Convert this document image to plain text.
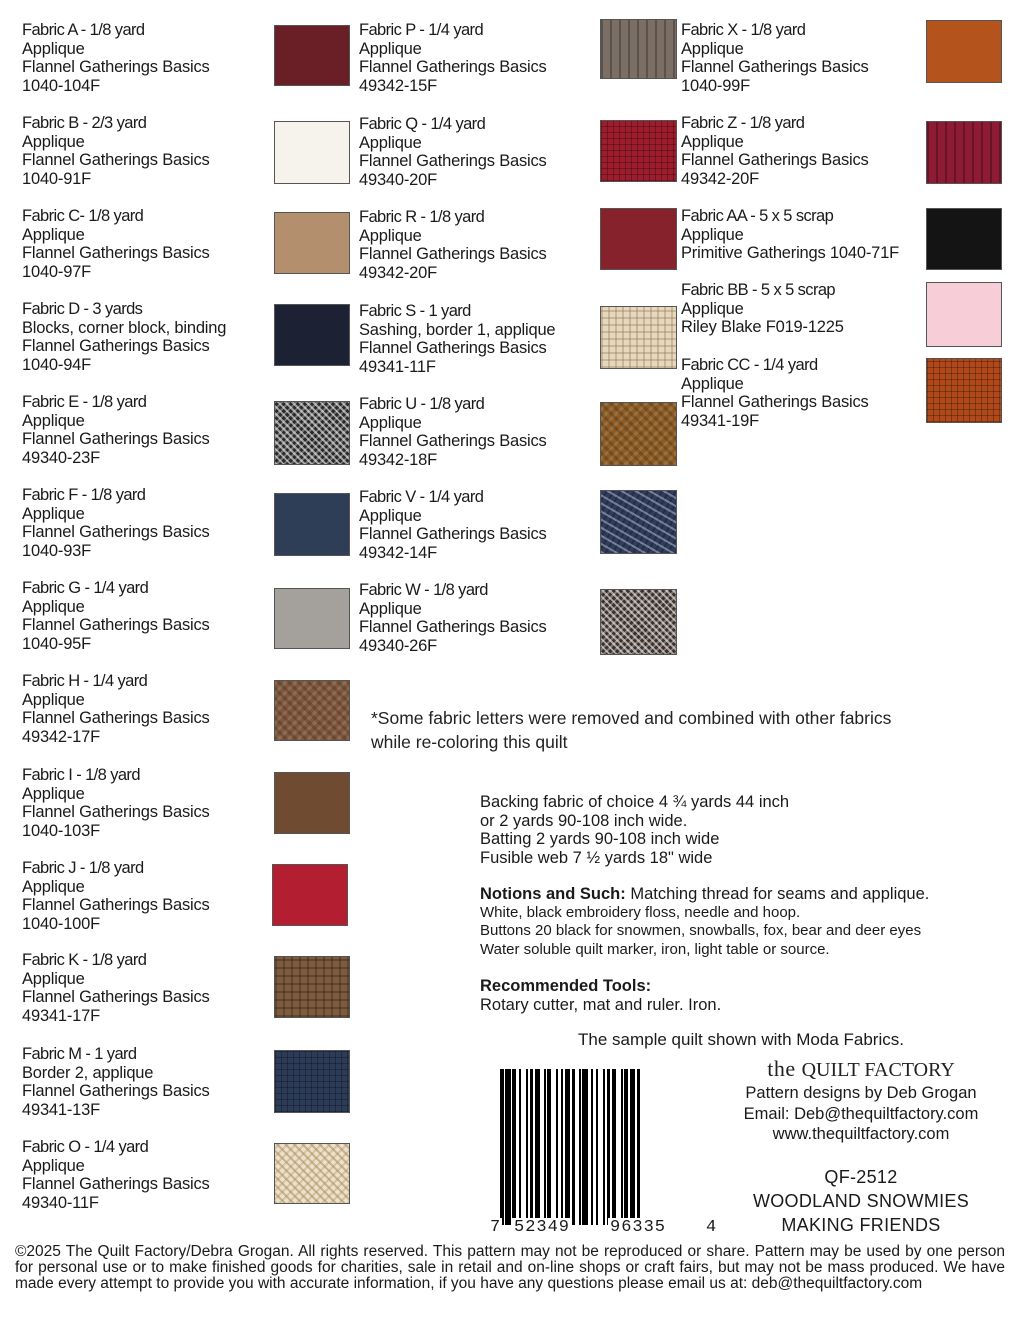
Fabric A - 1/8 yard
Applique
Flannel Gatherings Basics
1040-104F
Fabric B - 2/3 yard
Applique
Flannel Gatherings Basics
1040-91F
Fabric C- 1/8 yard
Applique
Flannel Gatherings Basics
1040-97F
Fabric D - 3 yards
Blocks, corner block, binding
Flannel Gatherings Basics
1040-94F
Fabric E - 1/8 yard
Applique
Flannel Gatherings Basics
49340-23F
Fabric F - 1/8 yard
Applique
Flannel Gatherings Basics
1040-93F
Fabric G - 1/4 yard
Applique
Flannel Gatherings Basics
1040-95F
Fabric H - 1/4 yard
Applique
Flannel Gatherings Basics
49342-17F
Fabric I - 1/8 yard
Applique
Flannel Gatherings Basics
1040-103F
Fabric J - 1/8 yard
Applique
Flannel Gatherings Basics
1040-100F
Fabric K - 1/8 yard
Applique
Flannel Gatherings Basics
49341-17F
Fabric M - 1 yard
Border 2, applique
Flannel Gatherings Basics
49341-13F
Fabric O - 1/4 yard
Applique
Flannel Gatherings Basics
49340-11F
Fabric P - 1/4 yard
Applique
Flannel Gatherings Basics
49342-15F
Fabric Q - 1/4 yard
Applique
Flannel Gatherings Basics
49340-20F
Fabric R - 1/8 yard
Applique
Flannel Gatherings Basics
49342-20F
Fabric S - 1 yard
Sashing, border 1, applique
Flannel Gatherings Basics
49341-11F
Fabric U - 1/8 yard
Applique
Flannel Gatherings Basics
49342-18F
Fabric V - 1/4 yard
Applique
Flannel Gatherings Basics
49342-14F
Fabric W - 1/8 yard
Applique
Flannel Gatherings Basics
49340-26F
Fabric X - 1/8 yard
Applique
Flannel Gatherings Basics
1040-99F
Fabric Z - 1/8 yard
Applique
Flannel Gatherings Basics
49342-20F
Fabric AA - 5 x 5 scrap
Applique
Primitive Gatherings 1040-71F
Fabric BB - 5 x 5 scrap
Applique
Riley Blake F019-1225
Fabric CC - 1/4 yard
Applique
Flannel Gatherings Basics
49341-19F
*Some fabric letters were removed and combined with other fabrics
while re-coloring this quilt
Backing fabric of choice 4 ¾ yards 44 inch
or 2 yards 90-108 inch wide.
Batting 2 yards 90-108 inch wide
Fusible web 7 ½ yards 18" wide
Notions and Such: Matching thread for seams and applique.
White, black embroidery floss, needle and hoop.
Buttons 20 black for snowmen, snowballs, fox, bear and deer eyes
Water soluble quilt marker, iron, light table or source.
Recommended Tools:
Rotary cutter, mat and ruler. Iron.
The sample quilt shown with Moda Fabrics.
7 52349 96335 4
the QUILT FACTORY
Pattern designs by Deb Grogan
Email: Deb@thequiltfactory.com
www.thequiltfactory.com
QF-2512
WOODLAND SNOWMIES
MAKING FRIENDS
©2025 The Quilt Factory/Debra Grogan. All rights reserved. This pattern may not be reproduced or share. Pattern may be used by one person for personal use or to make finished goods for charities, sale in retail and on-line shops or craft fairs, but may not be mass produced. We have made every attempt to provide you with accurate information, if you have any questions please email us at: deb@thequiltfactory.com
